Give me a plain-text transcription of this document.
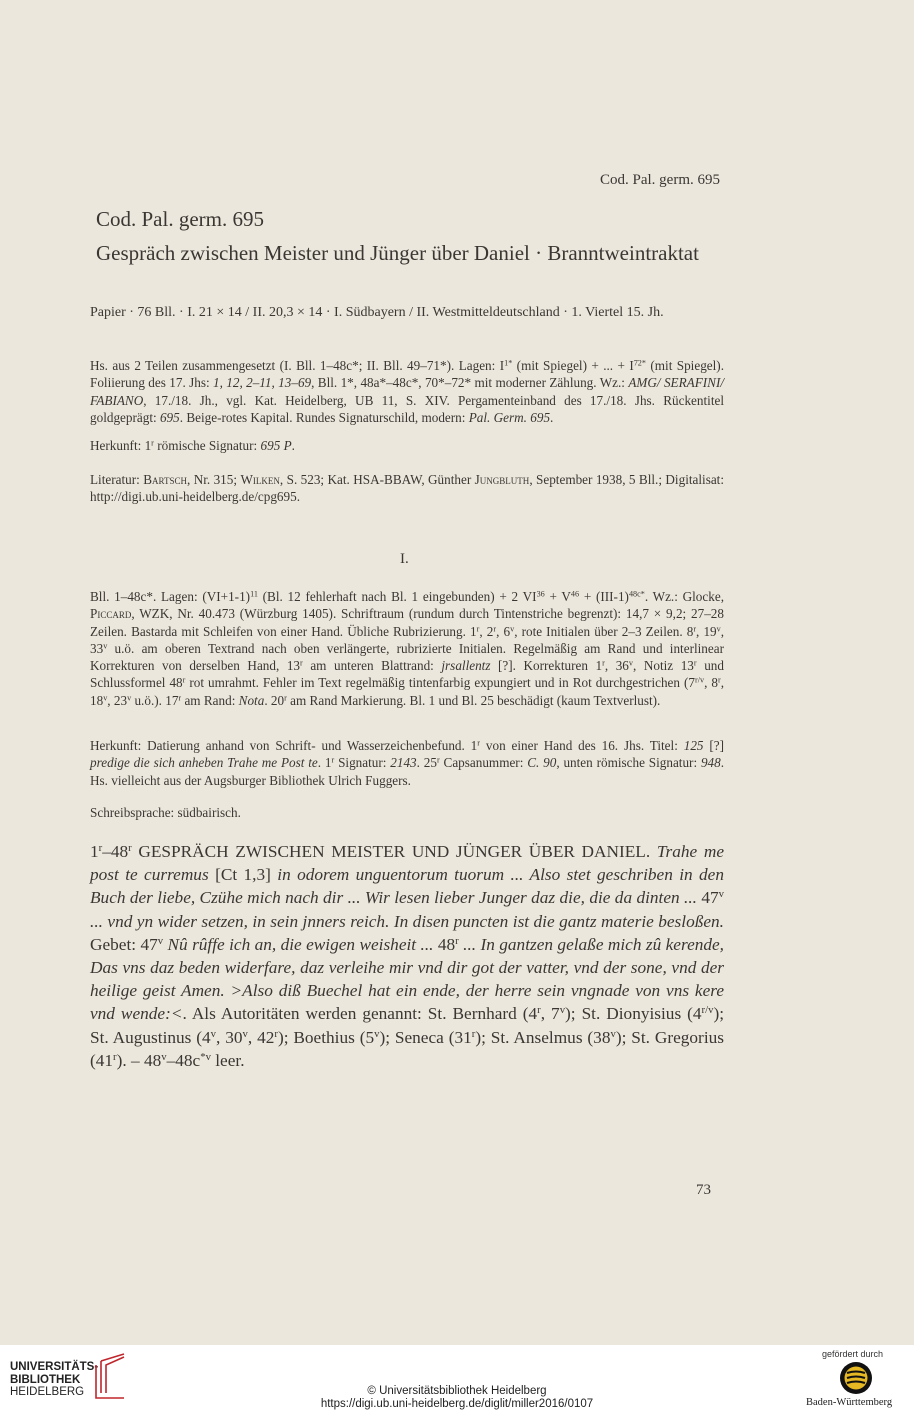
Cod. Pal. germ. 695
Cod. Pal. germ. 695
Gespräch zwischen Meister und Jünger über Daniel · Branntweintraktat
Papier · 76 Bll. · I. 21 × 14 / II. 20,3 × 14 · I. Südbayern / II. Westmitteldeutschland · 1. Viertel 15. Jh.
Hs. aus 2 Teilen zusammengesetzt (I. Bll. 1–48c*; II. Bll. 49–71*). Lagen: $I^{1*}$ (mit Spiegel) + ... + $I^{72*}$ (mit Spiegel). Foliierung des 17. Jhs: 1, 12, 2–11, 13–69, Bll. 1*, 48a*–48c*, 70*–72* mit moderner Zählung. Wz.: AMG/ SERAFINI/ FABIANO, 17./18. Jh., vgl. Kat. Heidelberg, UB 11, S. XIV. Pergamenteinband des 17./18. Jhs. Rückentitel goldgeprägt: 695. Beige-rotes Kapital. Rundes Signaturschild, modern: Pal. Germ. 695.
Herkunft: 1$^r$ römische Signatur: 695 P.
Literatur: Bartsch, Nr. 315; Wilken, S. 523; Kat. HSA-BBAW, Günther Jungbluth, September 1938, 5 Bll.; Digitalisat: http://digi.ub.uni-heidelberg.de/cpg695.
I.
Bll. 1–48c*. Lagen: $(VI+1-1)^{11}$ (Bl. 12 fehlerhaft nach Bl. 1 eingebunden) + 2 $VI^{36} + V^{46} + (III-1)^{48c*}$. Wz.: Glocke, Piccard, WZK, Nr. 40.473 (Würzburg 1405). Schriftraum (rundum durch Tintenstriche begrenzt): 14,7 × 9,2; 27–28 Zeilen. Bastarda mit Schleifen von einer Hand. Übliche Rubrizierung. 1$^r$, 2$^r$, 6$^v$, rote Initialen über 2–3 Zeilen. 8$^r$, 19$^v$, 33$^v$ u.ö. am oberen Textrand nach oben verlängerte, rubrizierte Initialen. Regelmäßig am Rand und interlinear Korrekturen von derselben Hand, 13$^r$ am unteren Blattrand: jrsallentz [?]. Korrekturen 1$^r$, 36$^v$, Notiz 13$^r$ und Schlussformel 48$^r$ rot umrahmt. Fehler im Text regelmäßig tintenfarbig expungiert und in Rot durchgestrichen ($7^{r/v}$, 8$^r$, 18$^v$, 23$^v$ u.ö.). 17$^r$ am Rand: Nota. 20$^r$ am Rand Markierung. Bl. 1 und Bl. 25 beschädigt (kaum Textverlust).
Herkunft: Datierung anhand von Schrift- und Wasserzeichenbefund. 1$^r$ von einer Hand des 16. Jhs. Titel: 125 [?] predige die sich anheben Trahe me Post te. 1$^r$ Signatur: 2143. 25$^r$ Capsanummer: C. 90, unten römische Signatur: 948. Hs. vielleicht aus der Augsburger Bibliothek Ulrich Fuggers.
Schreibsprache: südbairisch.
1$^r$–48$^r$ GESPRÄCH ZWISCHEN MEISTER UND JÜNGER ÜBER DANIEL. Trahe me post te curremus [Ct 1,3] in odorem unguentorum tuorum ... Also stet geschriben in den Buch der liebe, Czühe mich nach dir ... Wir lesen lieber Junger daz die, die da dinten ... 47$^v$ ... vnd yn wider setzen, in sein jnners reich. In disen puncten ist die gantz materie besloßen. Gebet: 47$^v$ Nû rûffe ich an, die ewigen weisheit ... 48$^r$ ... In gantzen gelaße mich zû kerende, Das vns daz beden widerfare, daz verleihe mir vnd dir got der vatter, vnd der sone, vnd der heilige geist Amen. >Also diß Buechel hat ein ende, der herre sein vngnade von vns kere vnd wende:<. Als Autoritäten werden genannt: St. Bernhard (4$^r$, 7$^v$); St. Dionyisius $(4^{r/v})$; St. Augustinus (4$^v$, 30$^v$, 42$^r$); Boethius (5$^v$); Seneca (31$^r$); St. Anselmus (38$^v$); St. Gregorius (41$^r$). – $48^v-48c^{*v}$ leer.
73
UNIVERSITÄTS-
BIBLIOTHEK
HEIDELBERG	© Universitätsbibliothek Heidelberg
https://digi.ub.uni-heidelberg.de/diglit/miller2016/0107
gefördert durch
Baden-Württemberg
